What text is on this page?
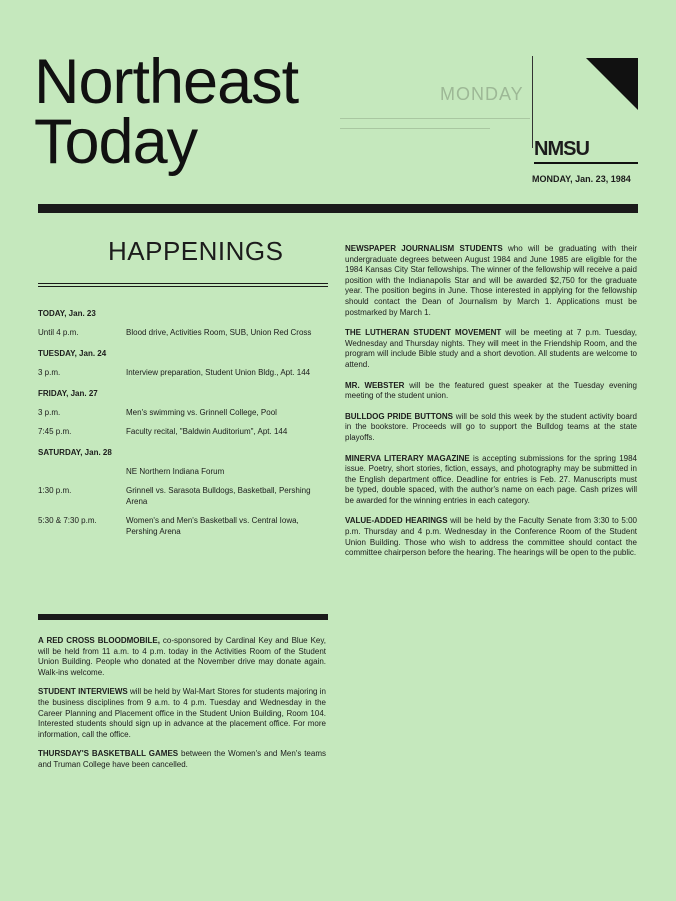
Northeast
Today
MONDAY
NMSU
MONDAY, Jan. 23, 1984
HAPPENINGS
TODAY, Jan. 23
Until 4 p.m.	Blood drive, Activities Room, SUB, Union Red Cross
TUESDAY, Jan. 24
3 p.m.	Interview preparation, Student Union Bldg., Apt. 144
FRIDAY, Jan. 27
3 p.m.	Men's swimming vs. Grinnell College, Pool
7:45 p.m.	Faculty recital, "Baldwin Auditorium", Apt. 144
SATURDAY, Jan. 28
NE Northern Indiana Forum
1:30 p.m.	Grinnell vs. Sarasota Bulldogs, Basketball, Pershing Arena
5:30 & 7:30 p.m.	Women's and Men's Basketball vs. Central Iowa, Pershing Arena
A RED CROSS BLOODMOBILE, co-sponsored by Cardinal Key and Blue Key, will be held from 11 a.m. to 4 p.m. today in the Activities Room of the Student Union Building. People who donated at the November drive may donate again. Walk-ins welcome.
STUDENT INTERVIEWS will be held by Wal-Mart Stores for students majoring in the business disciplines from 9 a.m. to 4 p.m. Tuesday and Wednesday in the Career Planning and Placement office in the Student Union Building, Room 104. Interested students should sign up in advance at the placement office. For more information, call the office.
THURSDAY'S BASKETBALL GAMES between the Women's and Men's teams and Truman College have been cancelled.
NEWSPAPER JOURNALISM STUDENTS who will be graduating with their undergraduate degrees between August 1984 and June 1985 are eligible for the 1984 Kansas City Star fellowships. The winner of the fellowship will receive a paid position with the Indianapolis Star and will be awarded $2,750 for the graduate year. The position begins in June. Those interested in applying for the fellowship should contact the Dean of Journalism by March 1. Applications must be postmarked by March 1.
THE LUTHERAN STUDENT MOVEMENT will be meeting at 7 p.m. Tuesday, Wednesday and Thursday nights. They will meet in the Friendship Room, and the program will include Bible study and a short devotion. All students are welcome to attend.
MR. WEBSTER will be the featured guest speaker at the Tuesday evening meeting of the student union.
BULLDOG PRIDE BUTTONS will be sold this week by the student activity board in the bookstore. Proceeds will go to support the Bulldog teams at the state playoffs.
MINERVA LITERARY MAGAZINE is accepting submissions for the spring 1984 issue. Poetry, short stories, fiction, essays, and photography may be submitted in the English department office. Deadline for entries is Feb. 27. Manuscripts must be typed, double spaced, with the author's name on each page. Cash prizes will be awarded for the winning entries in each category.
VALUE-ADDED HEARINGS will be held by the Faculty Senate from 3:30 to 5:00 p.m. Thursday and 4 p.m. Wednesday in the Conference Room of the Student Union Building. Those who wish to address the committee should contact the committee chairperson before the hearing. The hearings will be open to the public.
